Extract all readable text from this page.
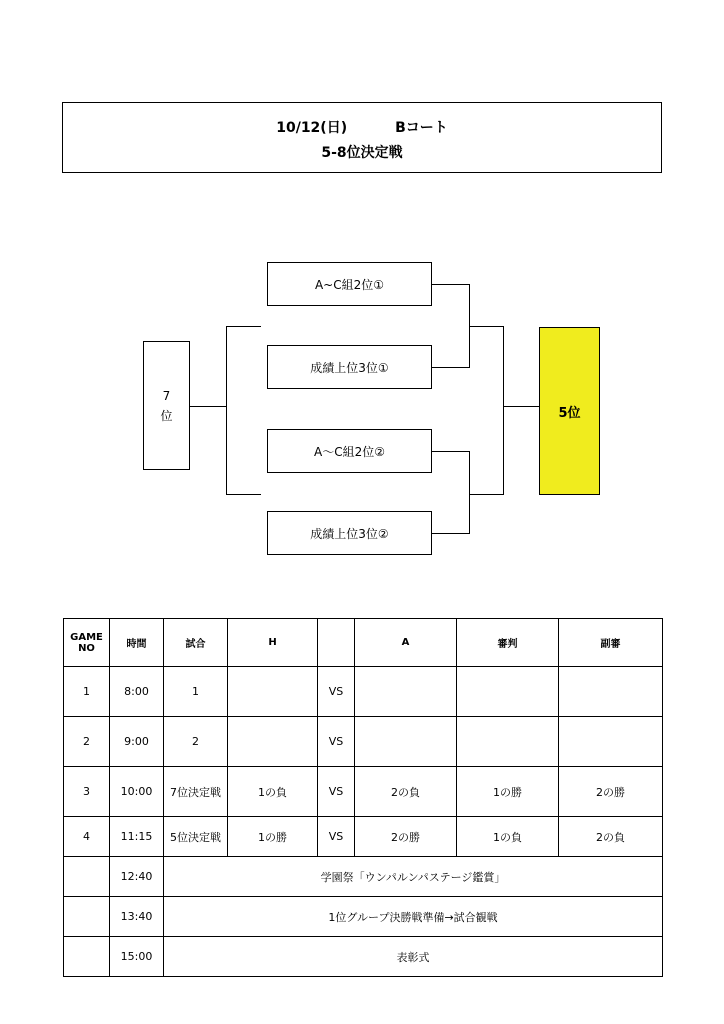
10/12(日)	Bコート
5-8位決定戦
A~C組2位①
成績上位3位①
A～C組2位②
成績上位3位②
7
位	5位
GAME
NO	時間	試合	H		A	審判	副審
1	8:00	1		VS			
2	9:00	2		VS			
3	10:00	7位決定戦	1の負	VS	2の負	1の勝	2の勝
4	11:15	5位決定戦	1の勝	VS	2の勝	1の負	2の負
	12:40	学園祭「ウンパルンパステージ鑑賞」					
	13:40	1位グループ決勝戦準備→試合観戦					
	15:00	表彰式					
